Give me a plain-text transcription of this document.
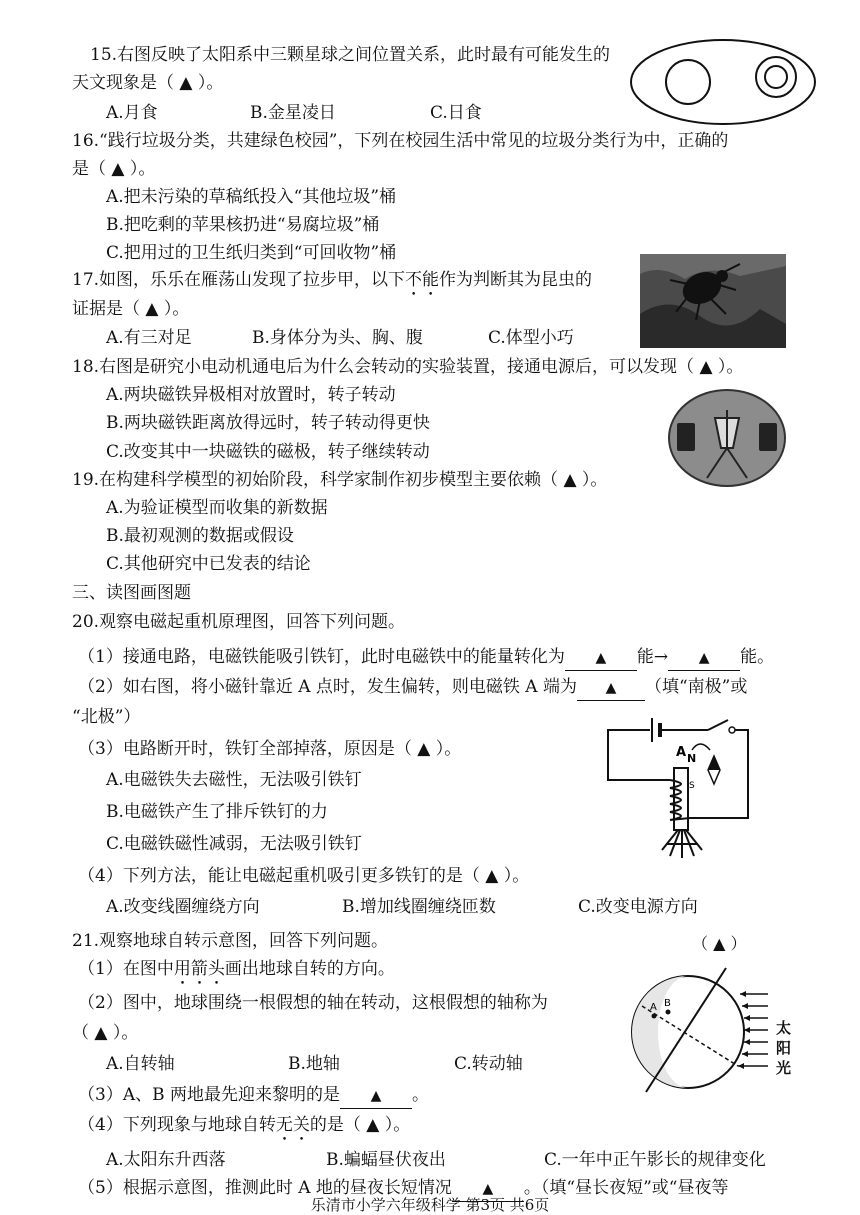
15.右图反映了太阳系中三颗星球之间位置关系，此时最有可能发生的
天文现象是（ ▲ ）。
A.月食	B.金星凌日	C.日食
16.“践行垃圾分类，共建绿色校园”，下列在校园生活中常见的垃圾分类行为中，正确的
是（ ▲ ）。
A.把未污染的草稿纸投入“其他垃圾”桶
B.把吃剩的苹果核扔进“易腐垃圾”桶
C.把用过的卫生纸归类到“可回收物”桶
17.如图，乐乐在雁荡山发现了拉步甲，以下不能作为判断其为昆虫的
证据是（ ▲ ）。
A.有三对足	B.身体分为头、胸、腹	C.体型小巧
18.右图是研究小电动机通电后为什么会转动的实验装置，接通电源后，可以发现（ ▲ ）。
A.两块磁铁异极相对放置时，转子转动
B.两块磁铁距离放得远时，转子转动得更快
C.改变其中一块磁铁的磁极，转子继续转动
19.在构建科学模型的初始阶段，科学家制作初步模型主要依赖（ ▲ ）。
A.为验证模型而收集的新数据
B.最初观测的数据或假设
C.其他研究中已发表的结论
三、读图画图题
20.观察电磁起重机原理图，回答下列问题。
（1）接通电路，电磁铁能吸引铁钉，此时电磁铁中的能量转化为 ▲ 能→ ▲ 能。
（2）如右图，将小磁针靠近 A 点时，发生偏转，则电磁铁 A 端为 ▲ （填“南极”或
“北极”）
（3）电路断开时，铁钉全部掉落，原因是（ ▲ ）。
A.电磁铁失去磁性，无法吸引铁钉
B.电磁铁产生了排斥铁钉的力
C.电磁铁磁性减弱，无法吸引铁钉
（4）下列方法，能让电磁起重机吸引更多铁钉的是（ ▲ ）。
A.改变线圈缠绕方向	B.增加线圈缠绕匝数	C.改变电源方向
A N
S
21.观察地球自转示意图，回答下列问题。	（ ▲ ）
（1）在图中用箭头画出地球自转的方向。
（2）图中，地球围绕一根假想的轴在转动，这根假想的轴称为
（ ▲ ）。
A.自转轴	B.地轴	C.转动轴
（3）A、B 两地最先迎来黎明的是 ▲ 。
（4）下列现象与地球自转无关的是（ ▲ ）。
A.太阳东升西落	B.蝙蝠昼伏夜出	C.一年中正午影长的规律变化
（5）根据示意图，推测此时 A 地的昼夜长短情况 ▲ 。（填“昼长夜短”或“昼夜等
A B
太阳光
乐清市小学六年级科学 第3页 共6页
